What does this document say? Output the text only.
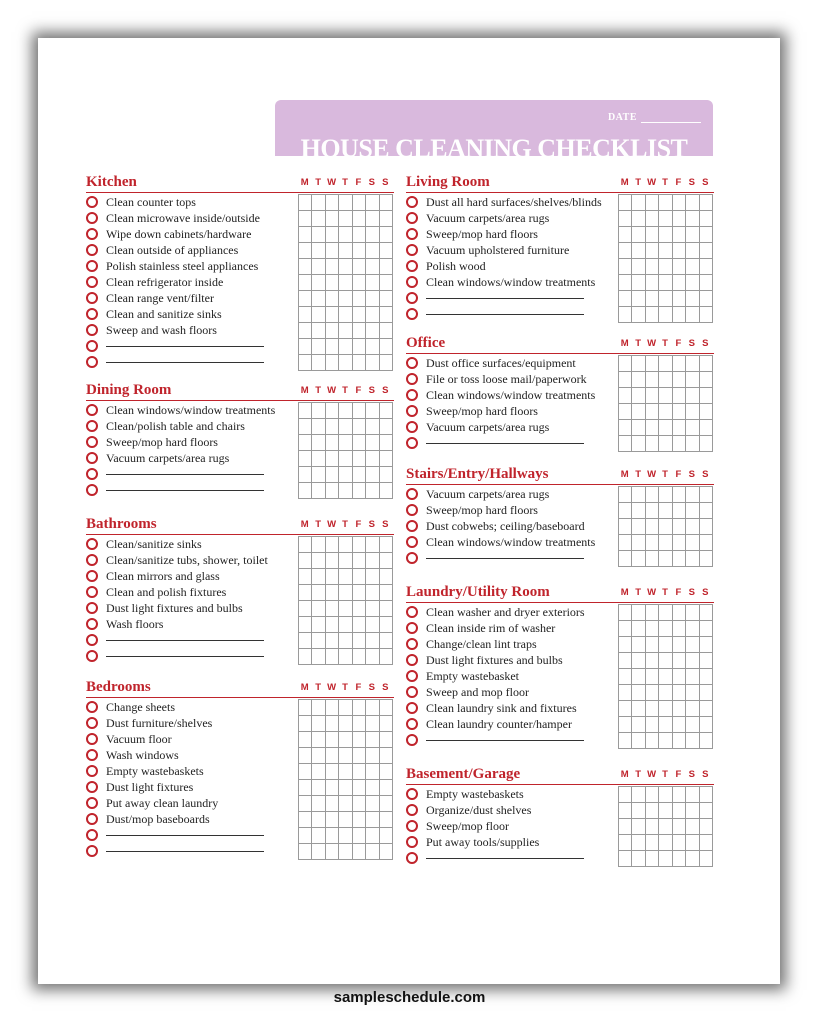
DATE
HOUSE CLEANING CHECKLIST
Kitchen	M T W T F S S
Clean counter tops
Clean microwave inside/outside
Wipe down cabinets/hardware
Clean outside of appliances
Polish stainless steel appliances
Clean refrigerator inside
Clean range vent/filter
Clean and sanitize sinks
Sweep and wash floors
Dining Room	M T W T F S S
Clean windows/window treatments
Clean/polish table and chairs
Sweep/mop hard floors
Vacuum carpets/area rugs
Bathrooms	M T W T F S S
Clean/sanitize sinks
Clean/sanitize tubs, shower, toilet
Clean mirrors and glass
Clean and polish fixtures
Dust light fixtures and bulbs
Wash floors
Bedrooms	M T W T F S S
Change sheets
Dust furniture/shelves
Vacuum floor
Wash windows
Empty wastebaskets
Dust light fixtures
Put away clean laundry
Dust/mop baseboards
Living Room	M T W T F S S
Dust all hard surfaces/shelves/blinds
Vacuum carpets/area rugs
Sweep/mop hard floors
Vacuum upholstered furniture
Polish wood
Clean windows/window treatments
Office	M T W T F S S
Dust office surfaces/equipment
File or toss loose mail/paperwork
Clean windows/window treatments
Sweep/mop hard floors
Vacuum carpets/area rugs
Stairs/Entry/Hallways	M T W T F S S
Vacuum carpets/area rugs
Sweep/mop hard floors
Dust cobwebs; ceiling/baseboard
Clean windows/window treatments
Laundry/Utility Room	M T W T F S S
Clean washer and dryer exteriors
Clean inside rim of washer
Change/clean lint traps
Dust light fixtures and bulbs
Empty wastebasket
Sweep and mop floor
Clean laundry sink and fixtures
Clean laundry counter/hamper
Basement/Garage	M T W T F S S
Empty wastebaskets
Organize/dust shelves
Sweep/mop floor
Put away tools/supplies
sampleschedule.com
